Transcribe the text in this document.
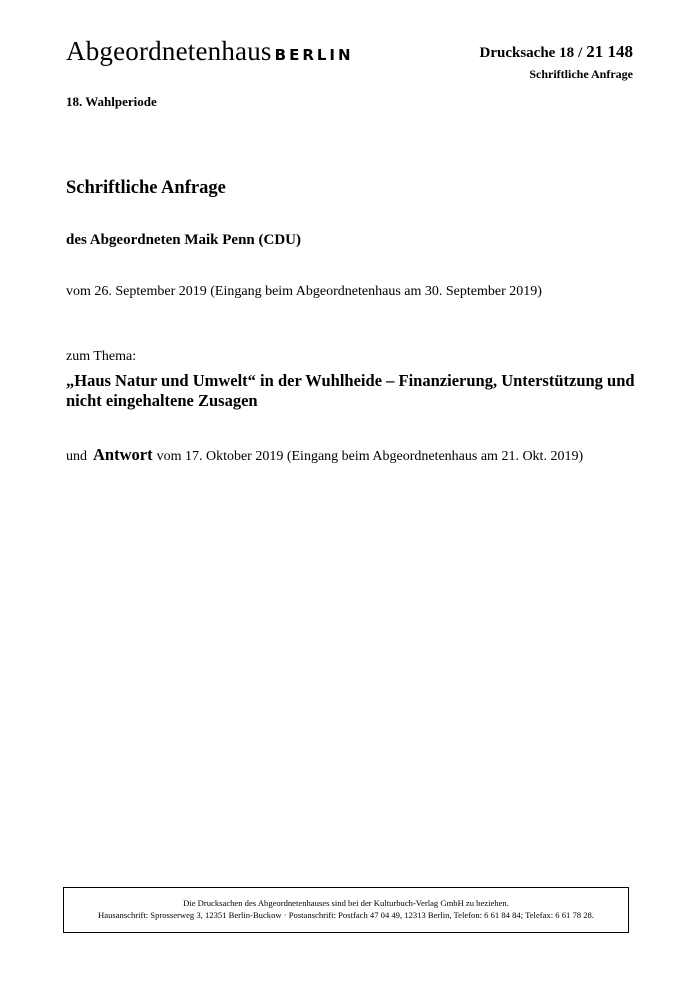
Abgeordnetenhaus BERLIN	Drucksache 18 / 21 148
Schriftliche Anfrage
18. Wahlperiode
Schriftliche Anfrage
des Abgeordneten Maik Penn (CDU)
vom 26. September 2019 (Eingang beim Abgeordnetenhaus am 30. September 2019)
zum Thema:
„Haus Natur und Umwelt“ in der Wuhlheide – Finanzierung, Unterstützung und nicht eingehaltene Zusagen
und Antwort vom 17. Oktober 2019 (Eingang beim Abgeordnetenhaus am 21. Okt. 2019)
Die Drucksachen des Abgeordnetenhauses sind bei der Kulturbuch-Verlag GmbH zu beziehen.
Hausanschrift: Sprosserweg 3, 12351 Berlin-Buckow · Postanschrift: Postfach 47 04 49, 12313 Berlin, Telefon: 6 61 84 84; Telefax: 6 61 78 28.
